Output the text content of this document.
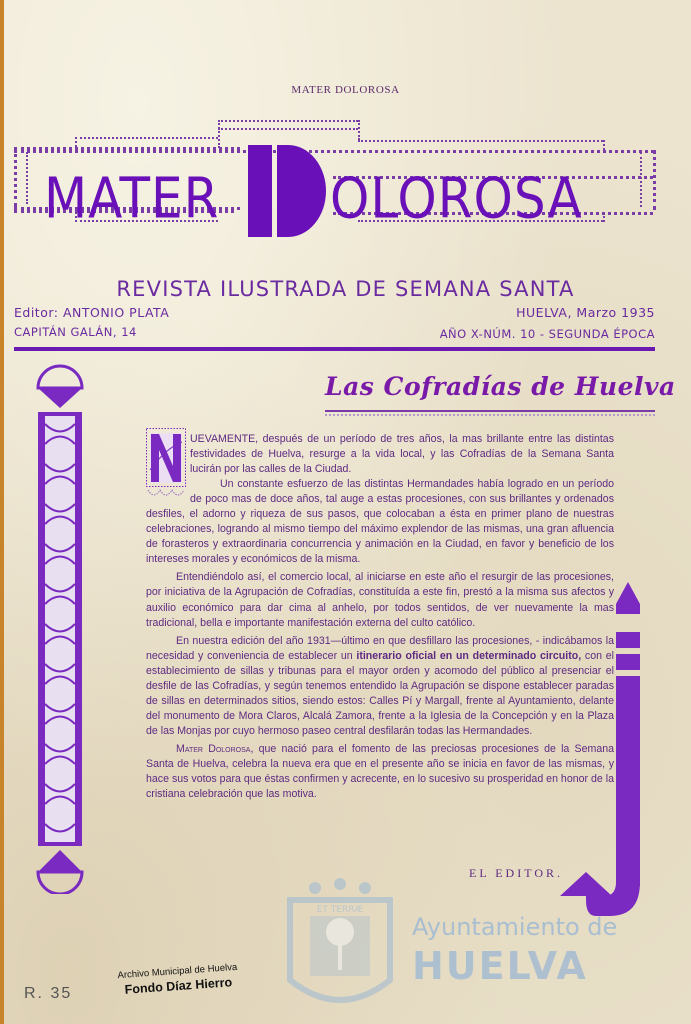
MATER DOLOROSA
MATER OLOROSA
REVISTA ILUSTRADA DE SEMANA SANTA
Editor: ANTONIO PLATA
CAPITÁN GALÁN, 14
HUELVA, Marzo 1935
AÑO X-NÚM. 10 - SEGUNDA ÉPOCA
Las Cofradías de Huelva

UEVAMENTE, después de un período de tres años, la mas brillante entre las distintas festividades de Huelva, resurge a la vida local, y las Cofradías de la Semana Santa lucirán por las calles de la Ciudad.

Un constante esfuerzo de las distintas Hermandades había logrado en un período de poco mas de doce años, tal auge a estas procesiones, con sus brillantes y ordenados desfiles, el adorno y riqueza de sus pasos, que colocaban a ésta en primer plano de nuestras celebraciones, logrando al mismo tiempo del máximo explendor de las mismas, una gran afluencia de forasteros y extraordinaria concurrencia y animación en la Ciudad, en favor y beneficio de los intereses morales y económicos de la misma.

Entendiéndolo así, el comercio local, al iniciarse en este año el resurgir de las procesiones, por iniciativa de la Agrupación de Cofradías, constituída a este fin, prestó a la misma sus afectos y auxilio económico para dar cima al anhelo, por todos sentidos, de ver nuevamente la mas tradicional, bella e importante manifestación externa del culto católico.

En nuestra edición del año 1931—último en que desfillaro las procesiones, - indicábamos la necesidad y conveniencia de establecer un itinerario oficial en un determinado circuito, con el establecimiento de sillas y tribunas para el mayor orden y acomodo del público al presenciar el desfile de las Cofradías, y según tenemos entendido la Agrupación se dispone establecer paradas de sillas en determinados sitios, siendo estos: Calles Pí y Margall, frente al Ayuntamiento, delante del monumento de Mora Claros, Alcalá Zamora, frente a la Iglesia de la Concepción y en la Plaza de las Monjas por cuyo hermoso paseo central desfilarán todas las Hermandades.

Mater Dolorosa, que nació para el fomento de las preciosas procesiones de la Semana Santa de Huelva, celebra la nueva era que en el presente año se inicia en favor de las mismas, y hace sus votos para que éstas confirmen y acrecente, en lo sucesivo su prosperidad en honor de la cristiana celebración que las motiva.

EL EDITOR.
ET TERRÆ
Ayuntamiento de
HUELVA
Archivo Municipal de Huelva
Fondo Díaz Hierro
R. 35
